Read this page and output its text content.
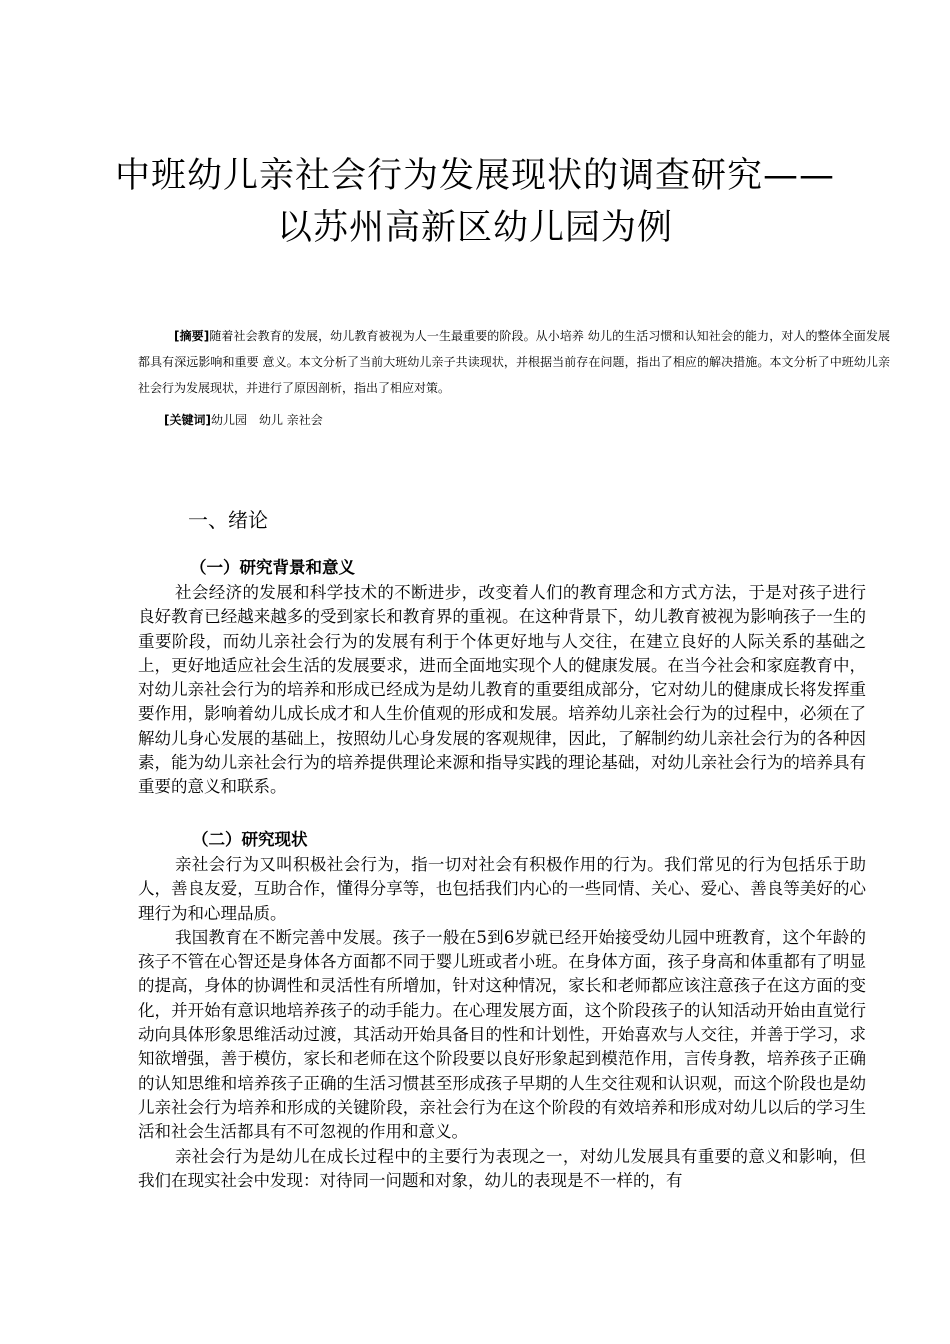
中班幼儿亲社会行为发展现状的调查研究——以苏州高新区幼儿园为例
[摘要]随着社会教育的发展，幼儿教育被视为人一生最重要的阶段。从小培养 幼儿的生活习惯和认知社会的能力，对人的整体全面发展都具有深远影响和重要 意义。本文分析了当前大班幼儿亲子共读现状，并根据当前存在问题，指出了相应的解决措施。本文分析了中班幼儿亲社会行为发展现状，并进行了原因剖析，指出了相应对策。
[关键词]幼儿园　幼儿 亲社会
一、绪论
（一）研究背景和意义

社会经济的发展和科学技术的不断进步，改变着人们的教育理念和方式方法，于是对孩子进行良好教育已经越来越多的受到家长和教育界的重视。在这种背景下，幼儿教育被视为影响孩子一生的重要阶段，而幼儿亲社会行为的发展有利于个体更好地与人交往，在建立良好的人际关系的基础之上，更好地适应社会生活的发展要求，进而全面地实现个人的健康发展。在当今社会和家庭教育中，对幼儿亲社会行为的培养和形成已经成为是幼儿教育的重要组成部分，它对幼儿的健康成长将发挥重要作用，影响着幼儿成长成才和人生价值观的形成和发展。培养幼儿亲社会行为的过程中，必须在了解幼儿身心发展的基础上，按照幼儿心身发展的客观规律，因此，了解制约幼儿亲社会行为的各种因素，能为幼儿亲社会行为的培养提供理论来源和指导实践的理论基础，对幼儿亲社会行为的培养具有重要的意义和联系。

（二）研究现状

亲社会行为又叫积极社会行为，指一切对社会有积极作用的行为。我们常见的行为包括乐于助人，善良友爱，互助合作，懂得分享等，也包括我们内心的一些同情、关心、爱心、善良等美好的心理行为和心理品质。

我国教育在不断完善中发展。孩子一般在5到6岁就已经开始接受幼儿园中班教育，这个年龄的孩子不管在心智还是身体各方面都不同于婴儿班或者小班。在身体方面，孩子身高和体重都有了明显的提高，身体的协调性和灵活性有所增加，针对这种情况，家长和老师都应该注意孩子在这方面的变化，并开始有意识地培养孩子的动手能力。在心理发展方面，这个阶段孩子的认知活动开始由直觉行动向具体形象思维活动过渡，其活动开始具备目的性和计划性，开始喜欢与人交往，并善于学习，求知欲增强，善于模仿，家长和老师在这个阶段要以良好形象起到模范作用，言传身教，培养孩子正确的认知思维和培养孩子正确的生活习惯甚至形成孩子早期的人生交往观和认识观，而这个阶段也是幼儿亲社会行为培养和形成的关键阶段，亲社会行为在这个阶段的有效培养和形成对幼儿以后的学习生活和社会生活都具有不可忽视的作用和意义。

亲社会行为是幼儿在成长过程中的主要行为表现之一，对幼儿发展具有重要的意义和影响，但我们在现实社会中发现：对待同一问题和对象，幼儿的表现是不一样的，有
